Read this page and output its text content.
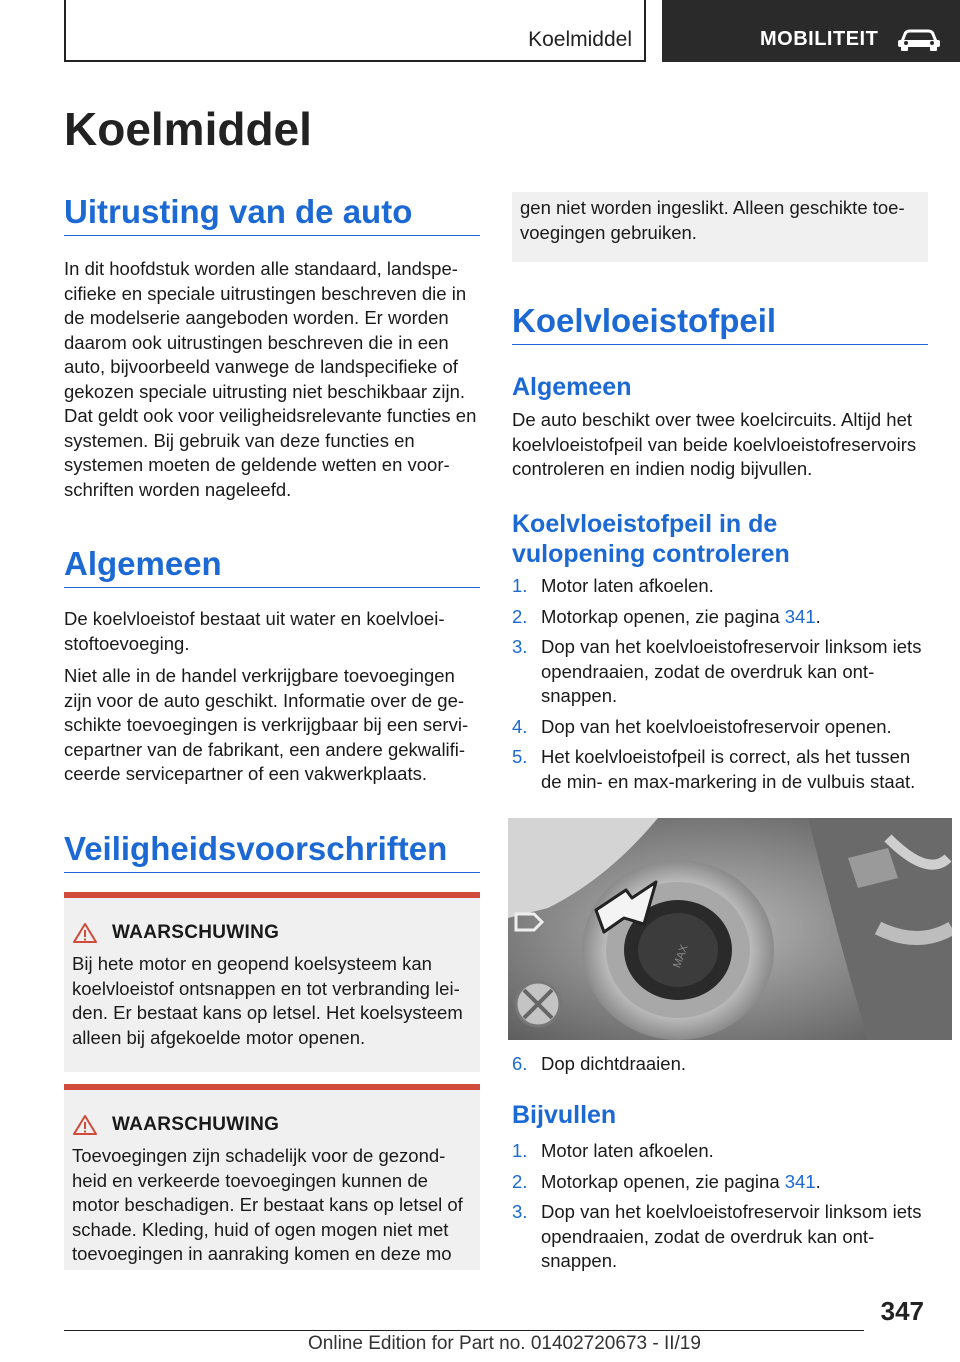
Koelmiddel	MOBILITEIT
Koelmiddel
Uitrusting van de auto
In dit hoofdstuk worden alle standaard, landspecifieke en speciale uitrustingen beschreven die in de modelserie aangeboden worden. Er worden daarom ook uitrustingen beschreven die in een auto, bijvoorbeeld vanwege de landspecifieke of gekozen speciale uitrusting niet beschikbaar zijn. Dat geldt ook voor veiligheidsrelevante functies en systemen. Bij gebruik van deze functies en systemen moeten de geldende wetten en voorschriften worden nageleefd.
Algemeen

De koelvloeistof bestaat uit water en koelvloeistoftoevoeging.

Niet alle in de handel verkrijgbare toevoegingen zijn voor de auto geschikt. Informatie over de geschikte toevoegingen is verkrijgbaar bij een servicepartner van de fabrikant, een andere gekwalificeerde servicepartner of een vakwerkplaats.

Veiligheidsvoorschriften
WAARSCHUWING
Bij hete motor en geopend koelsysteem kan koelvloeistof ontsnappen en tot verbranding leiden. Er bestaat kans op letsel. Het koelsysteem alleen bij afgekoelde motor openen.
WAARSCHUWING
Toevoegingen zijn schadelijk voor de gezondheid en verkeerde toevoegingen kunnen de motor beschadigen. Er bestaat kans op letsel of schade. Kleding, huid of ogen mogen niet met toevoegingen in aanraking komen en deze mo
gen niet worden ingeslikt. Alleen geschikte toevoegingen gebruiken.
Koelvloeistofpeil
Algemeen
De auto beschikt over twee koelcircuits. Altijd het koelvloeistofpeil van beide koelvloeistofreservoirs controleren en indien nodig bijvullen.
Koelvloeistofpeil in de vulopening controleren
1. Motor laten afkoelen.
2. Motorkap openen, zie pagina 341.
3. Dop van het koelvloeistofreservoir linksom iets opendraaien, zodat de overdruk kan ontsnappen.
4. Dop van het koelvloeistofreservoir openen.
5. Het koelvloeistofpeil is correct, als het tussen de min- en max-markering in de vulbuis staat.
MAX
6. Dop dichtdraaien.
Bijvullen
1. Motor laten afkoelen.
2. Motorkap openen, zie pagina 341.
3. Dop van het koelvloeistofreservoir linksom iets opendraaien, zodat de overdruk kan ontsnappen.
347
Online Edition for Part no. 01402720673 - II/19
